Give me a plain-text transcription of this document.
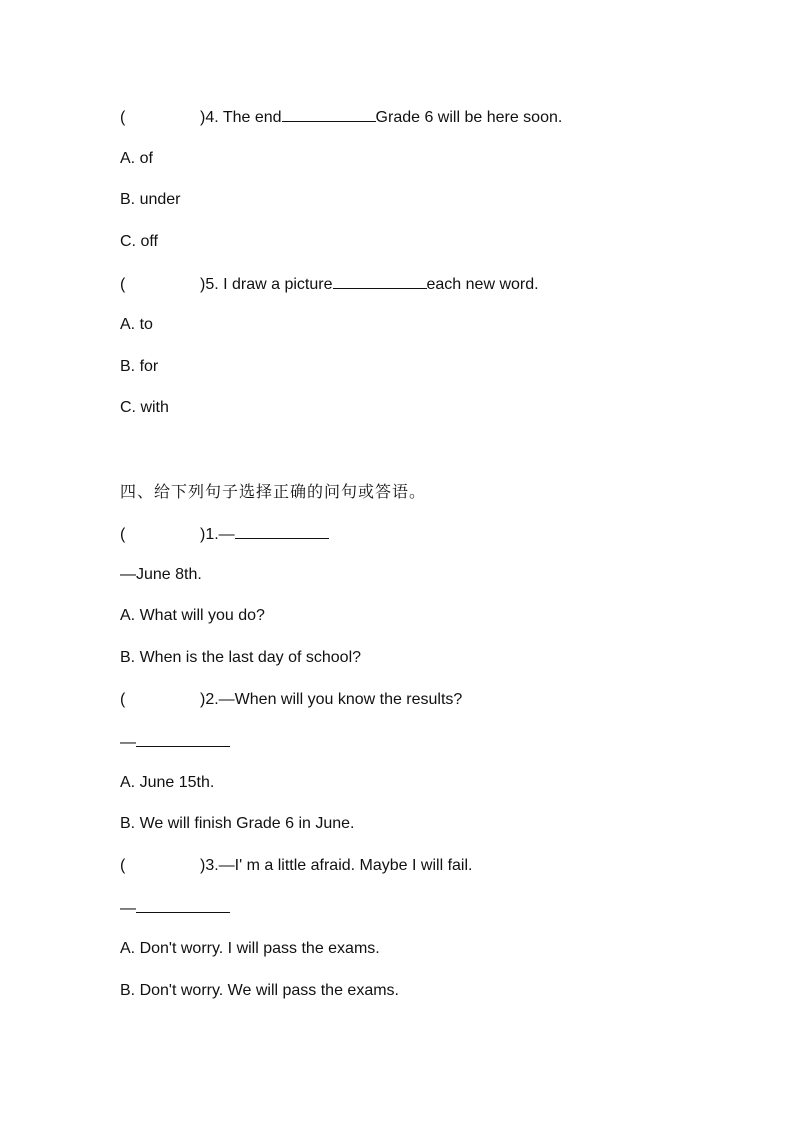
(	)4. The end	Grade 6 will be here soon.
A. of
B. under
C. off
(	)5. I draw a picture	each new word.
A. to
B. for
C. with
四、给下列句子选择正确的问句或答语。
(	)1.—
—June 8th.
A. What will you do?
B. When is the last day of school?
(	)2.—When will you know the results?
—
A. June 15th.
B. We will finish Grade 6 in June.
(	)3.—I' m a little afraid. Maybe I will fail.
—
A. Don't worry. I will pass the exams.
B. Don't worry. We will pass the exams.
